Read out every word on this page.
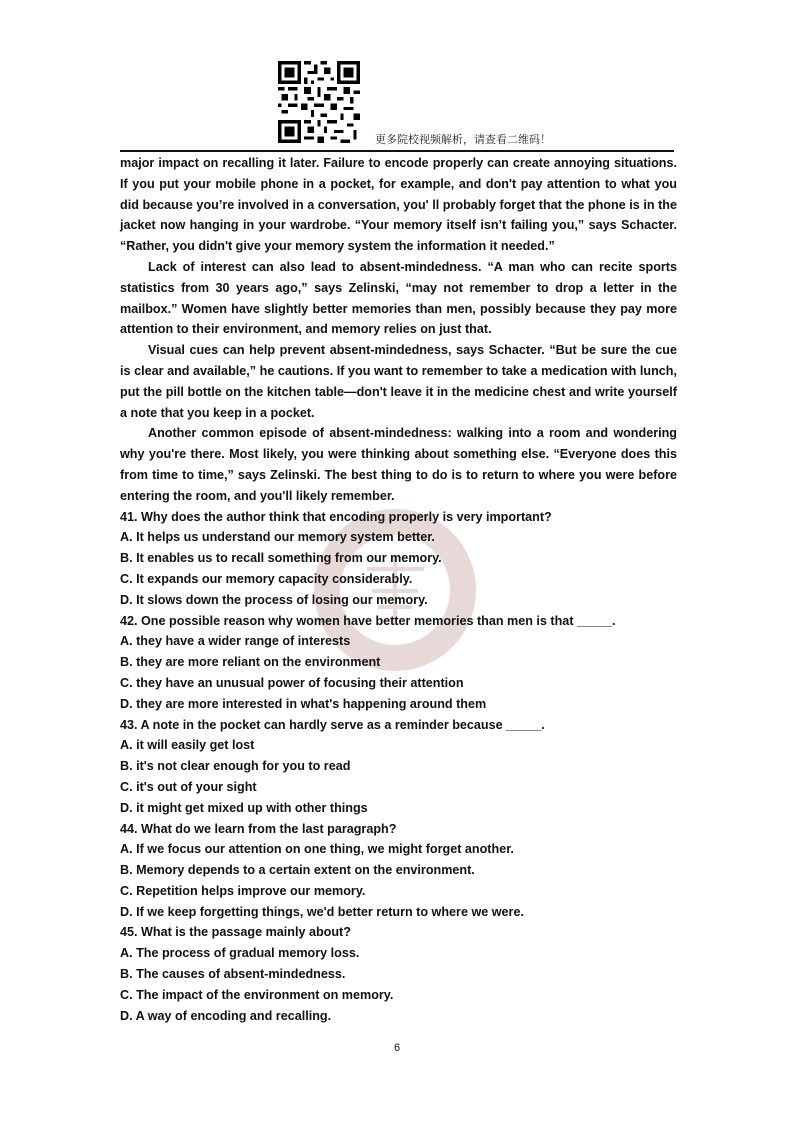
更多院校视频解析，请查看二维码！

major impact on recalling it later. Failure to encode properly can create annoying situations. If you put your mobile phone in a pocket, for example, and don't pay attention to what you did because you’re involved in a conversation, you' ll probably forget that the phone is in the jacket now hanging in your wardrobe. “Your memory itself isn’t failing you,” says Schacter. “Rather, you didn't give your memory system the information it needed.”

Lack of interest can also lead to absent-mindedness. “A man who can recite sports statistics from 30 years ago,” says Zelinski, “may not remember to drop a letter in the mailbox.” Women have slightly better memories than men, possibly because they pay more attention to their environment, and memory relies on just that.

Visual cues can help prevent absent-mindedness, says Schacter. “But be sure the cue is clear and available,” he cautions. If you want to remember to take a medication with lunch, put the pill bottle on the kitchen table—don't leave it in the medicine chest and write yourself a note that you keep in a pocket.

Another common episode of absent-mindedness: walking into a room and wondering why you're there. Most likely, you were thinking about something else. “Everyone does this from time to time,” says Zelinski. The best thing to do is to return to where you were before entering the room, and you'll likely remember.

41. Why does the author think that encoding properly is very important?
A. It helps us understand our memory system better.
B. It enables us to recall something from our memory.
C. It expands our memory capacity considerably.
D. It slows down the process of losing our memory.
42. One possible reason why women have better memories than men is that _____.
A. they have a wider range of interests
B. they are more reliant on the environment
C. they have an unusual power of focusing their attention
D. they are more interested in what's happening around them
43. A note in the pocket can hardly serve as a reminder because _____.
A. it will easily get lost
B. it's not clear enough for you to read
C. it's out of your sight
D. it might get mixed up with other things
44. What do we learn from the last paragraph?
A. If we focus our attention on one thing, we might forget another.
B. Memory depends to a certain extent on the environment.
C. Repetition helps improve our memory.
D. If we keep forgetting things, we'd better return to where we were.
45. What is the passage mainly about?
A. The process of gradual memory loss.
B. The causes of absent-mindedness.
C. The impact of the environment on memory.
D. A way of encoding and recalling.
6
